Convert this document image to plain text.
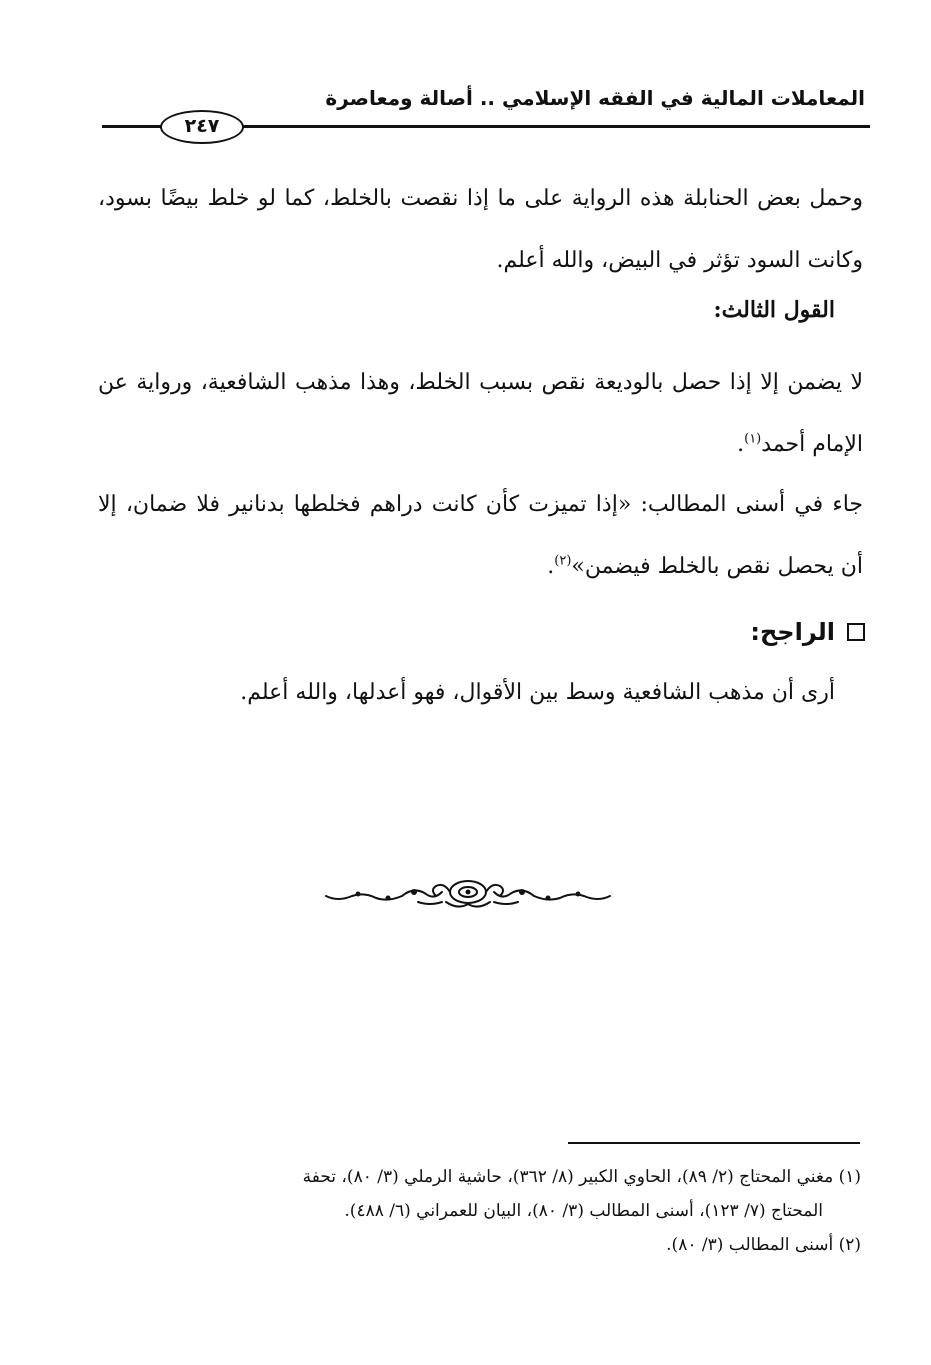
المعاملات المالية في الفقه الإسلامي .. أصالة ومعاصرة
٢٤٧
وحمل بعض الحنابلة هذه الرواية على ما إذا نقصت بالخلط، كما لو خلط بيضًا بسود، وكانت السود تؤثر في البيض، والله أعلم.
القول الثالث:
لا يضمن إلا إذا حصل بالوديعة نقص بسبب الخلط، وهذا مذهب الشافعية، ورواية عن الإمام أحمد$^{(١)}$.
جاء في أسنى المطالب: «إذا تميزت كأن كانت دراهم فخلطها بدنانير فلا ضمان، إلا أن يحصل نقص بالخلط فيضمن»$^{(٢)}$.
الراجح:
أرى أن مذهب الشافعية وسط بين الأقوال، فهو أعدلها، والله أعلم.

(١) مغني المحتاج (٢/ ٨٩)، الحاوي الكبير (٨/ ٣٦٢)، حاشية الرملي (٣/ ٨٠)، تحفة

المحتاج (٧/ ١٢٣)، أسنى المطالب (٣/ ٨٠)، البيان للعمراني (٦/ ٤٨٨).

(٢) أسنى المطالب (٣/ ٨٠).
